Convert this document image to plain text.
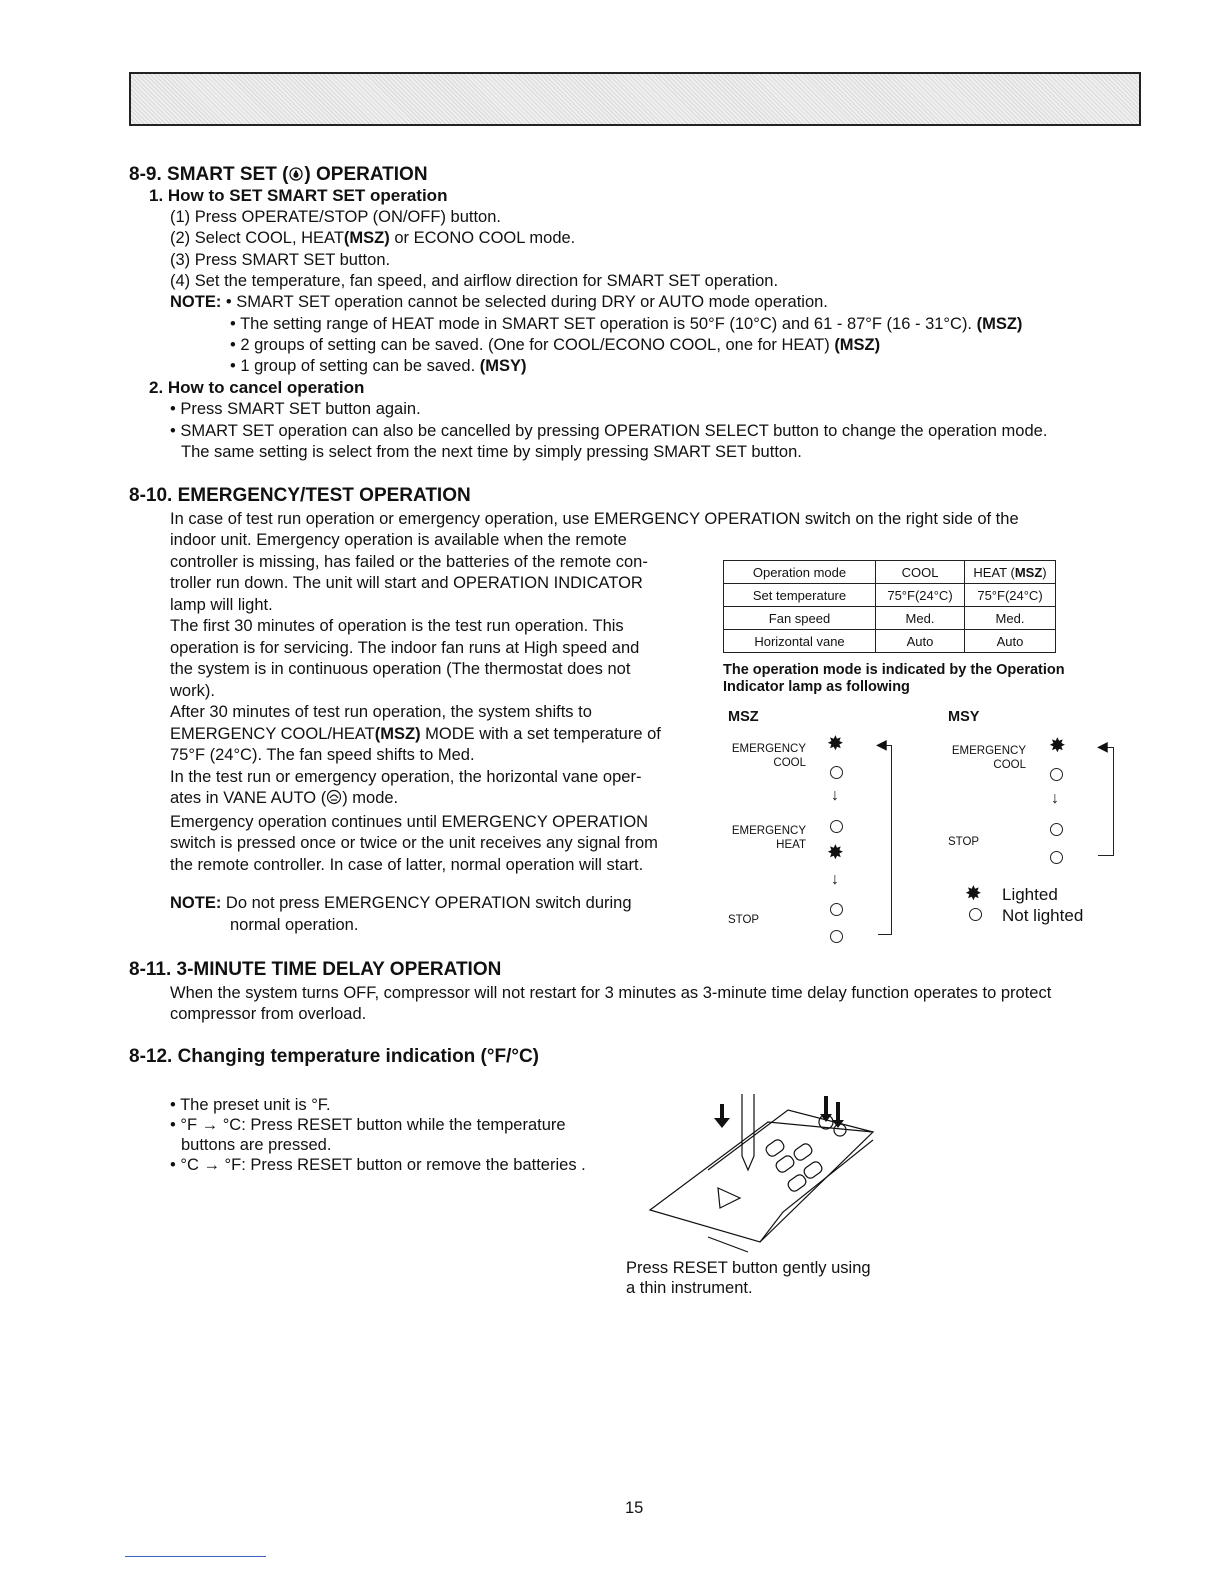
8-9. SMART SET ( ) OPERATION
1. How to SET SMART SET operation
(1) Press OPERATE/STOP (ON/OFF) button.
(2) Select COOL, HEAT(MSZ) or ECONO COOL mode.
(3) Press SMART SET button.
(4) Set the temperature, fan speed, and airflow direction for SMART SET operation.
NOTE: • SMART SET operation cannot be selected during DRY or AUTO mode operation.
• The setting range of HEAT mode in SMART SET operation is 50°F (10°C) and 61 - 87°F (16 - 31°C). (MSZ)
• 2 groups of setting can be saved. (One for COOL/ECONO COOL, one for HEAT) (MSZ)
• 1 group of setting can be saved. (MSY)
2. How to cancel operation
• Press SMART SET button again.
• SMART SET operation can also be cancelled by pressing OPERATION SELECT button to change the operation mode.
The same setting is select from the next time by simply pressing SMART SET button.
8-10. EMERGENCY/TEST OPERATION
In case of test run operation or emergency operation, use EMERGENCY OPERATION switch on the right side of the
indoor unit. Emergency operation is available when the remote
controller is missing, has failed or the batteries of the remote con-
troller run down. The unit will start and OPERATION INDICATOR
lamp will light.
The first 30 minutes of operation is the test run operation. This
operation is for servicing. The indoor fan runs at High speed and
the system is in continuous operation (The thermostat does not
work).
After 30 minutes of test run operation, the system shifts to
EMERGENCY COOL/HEAT(MSZ) MODE with a set temperature of
75°F (24°C). The fan speed shifts to Med.
In the test run or emergency operation, the horizontal vane oper-
ates in VANE AUTO ( ) mode.
Emergency operation continues until EMERGENCY OPERATION
switch is pressed once or twice or the unit receives any signal from
the remote controller. In case of latter, normal operation will start.
NOTE: Do not press EMERGENCY OPERATION switch during
normal operation.
Operation mode	COOL	HEAT (MSZ)
Set temperature	75°F(24°C)	75°F(24°C)
Fan speed	Med.	Med.
Horizontal vane	Auto	Auto
The operation mode is indicated by the Operation
Indicator lamp as following
MSZ
EMERGENCY
COOL
✸
↓
EMERGENCY
HEAT ✸
↓
STOP
◀
MSY
EMERGENCY
COOL
✸
↓
STOP
◀
✸ Lighted
Not lighted
8-11. 3-MINUTE TIME DELAY OPERATION
When the system turns OFF, compressor will not restart for 3 minutes as 3-minute time delay function operates to protect
compressor from overload.
8-12. Changing temperature indication (°F/°C)
• The preset unit is °F.
• °F → °C: Press RESET button while the temperature
buttons are pressed.
• °C → °F: Press RESET button or remove the batteries .
Press RESET button gently using
a thin instrument.
15
